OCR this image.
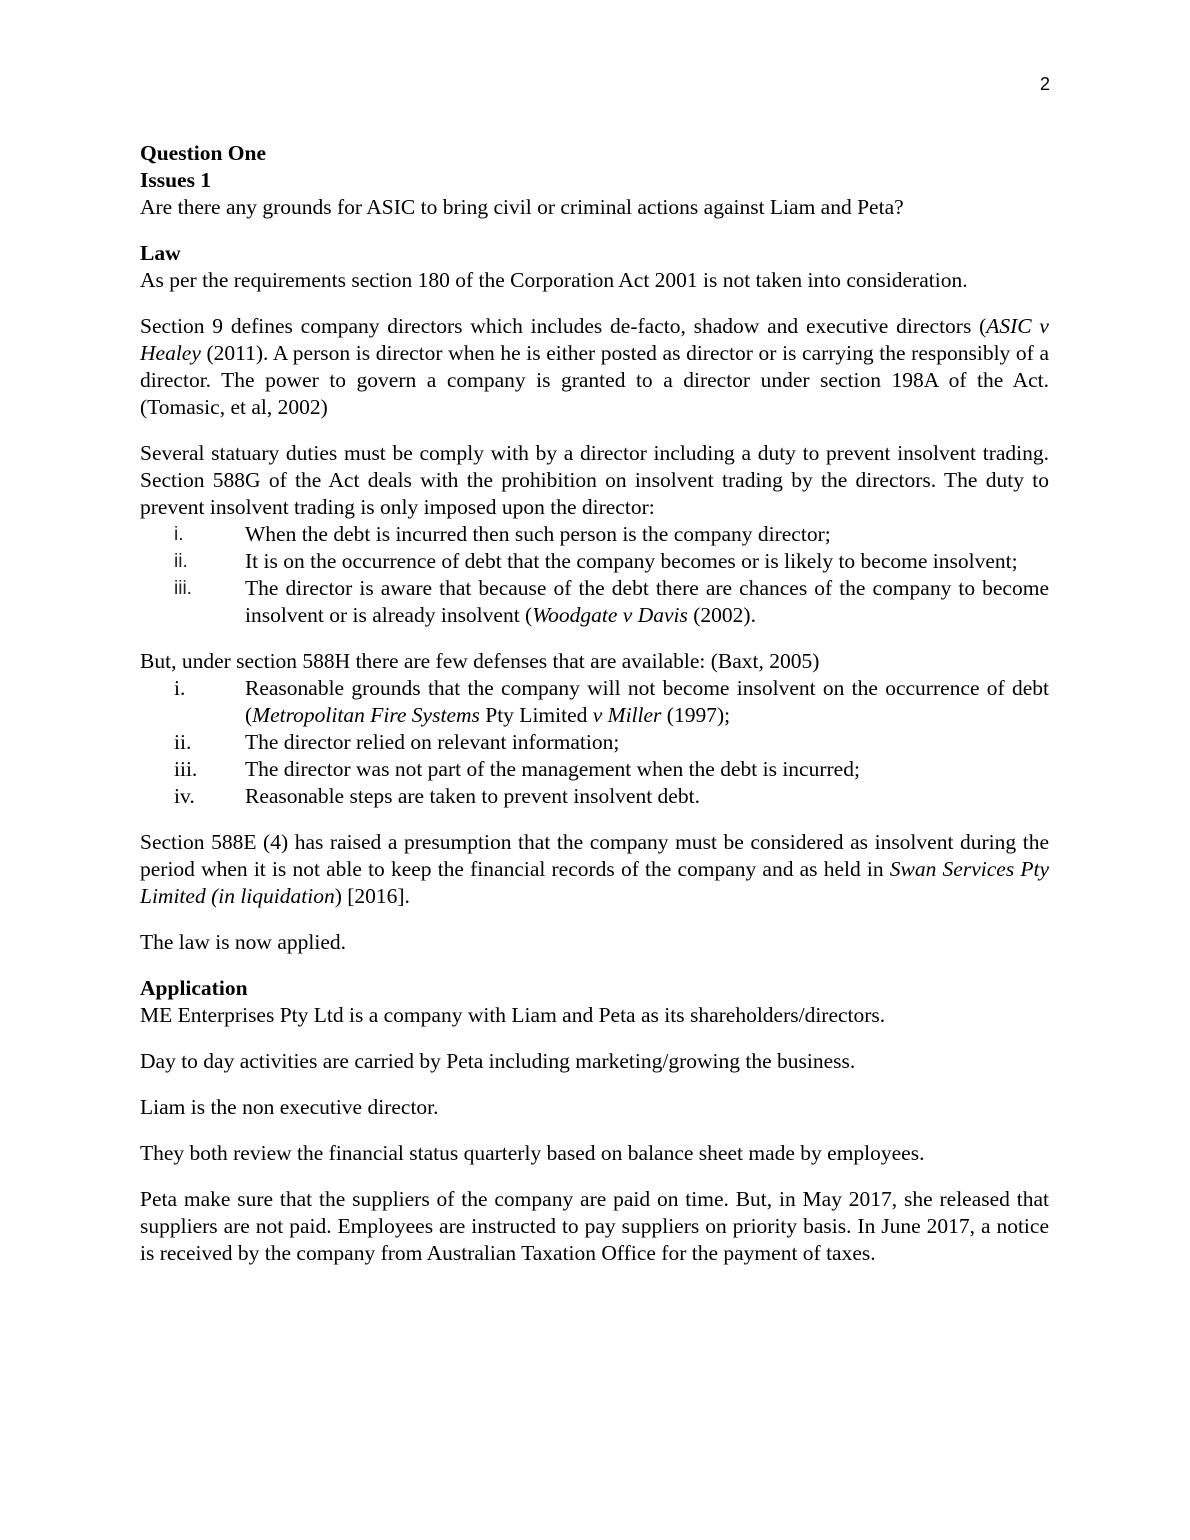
2

Question One

Issues 1

Are there any grounds for ASIC to bring civil or criminal actions against Liam and Peta?

Law

As per the requirements section 180 of the Corporation Act 2001 is not taken into consideration.

Section 9 defines company directors which includes de-facto, shadow and executive directors (ASIC v Healey (2011). A person is director when he is either posted as director or is carrying the responsibly of a director. The power to govern a company is granted to a director under section 198A of the Act. (Tomasic, et al, 2002)

Several statuary duties must be comply with by a director including a duty to prevent insolvent trading. Section 588G of the Act deals with the prohibition on insolvent trading by the directors. The duty to prevent insolvent trading is only imposed upon the director:

i.	When the debt is incurred then such person is the company director;
ii.	It is on the occurrence of debt that the company becomes or is likely to become insolvent;
iii.	The director is aware that because of the debt there are chances of the company to become insolvent or is already insolvent (Woodgate v Davis (2002).

But, under section 588H there are few defenses that are available: (Baxt, 2005)

i.	Reasonable grounds that the company will not become insolvent on the occurrence of debt (Metropolitan Fire Systems Pty Limited v Miller (1997);
ii.	The director relied on relevant information;
iii.	The director was not part of the management when the debt is incurred;
iv.	Reasonable steps are taken to prevent insolvent debt.

Section 588E (4) has raised a presumption that the company must be considered as insolvent during the period when it is not able to keep the financial records of the company and as held in Swan Services Pty Limited (in liquidation) [2016].

The law is now applied.

Application

ME Enterprises Pty Ltd is a company with Liam and Peta as its shareholders/directors.

Day to day activities are carried by Peta including marketing/growing the business.

Liam is the non executive director.

They both review the financial status quarterly based on balance sheet made by employees.

Peta make sure that the suppliers of the company are paid on time. But, in May 2017, she released that suppliers are not paid. Employees are instructed to pay suppliers on priority basis. In June 2017, a notice is received by the company from Australian Taxation Office for the payment of taxes.
